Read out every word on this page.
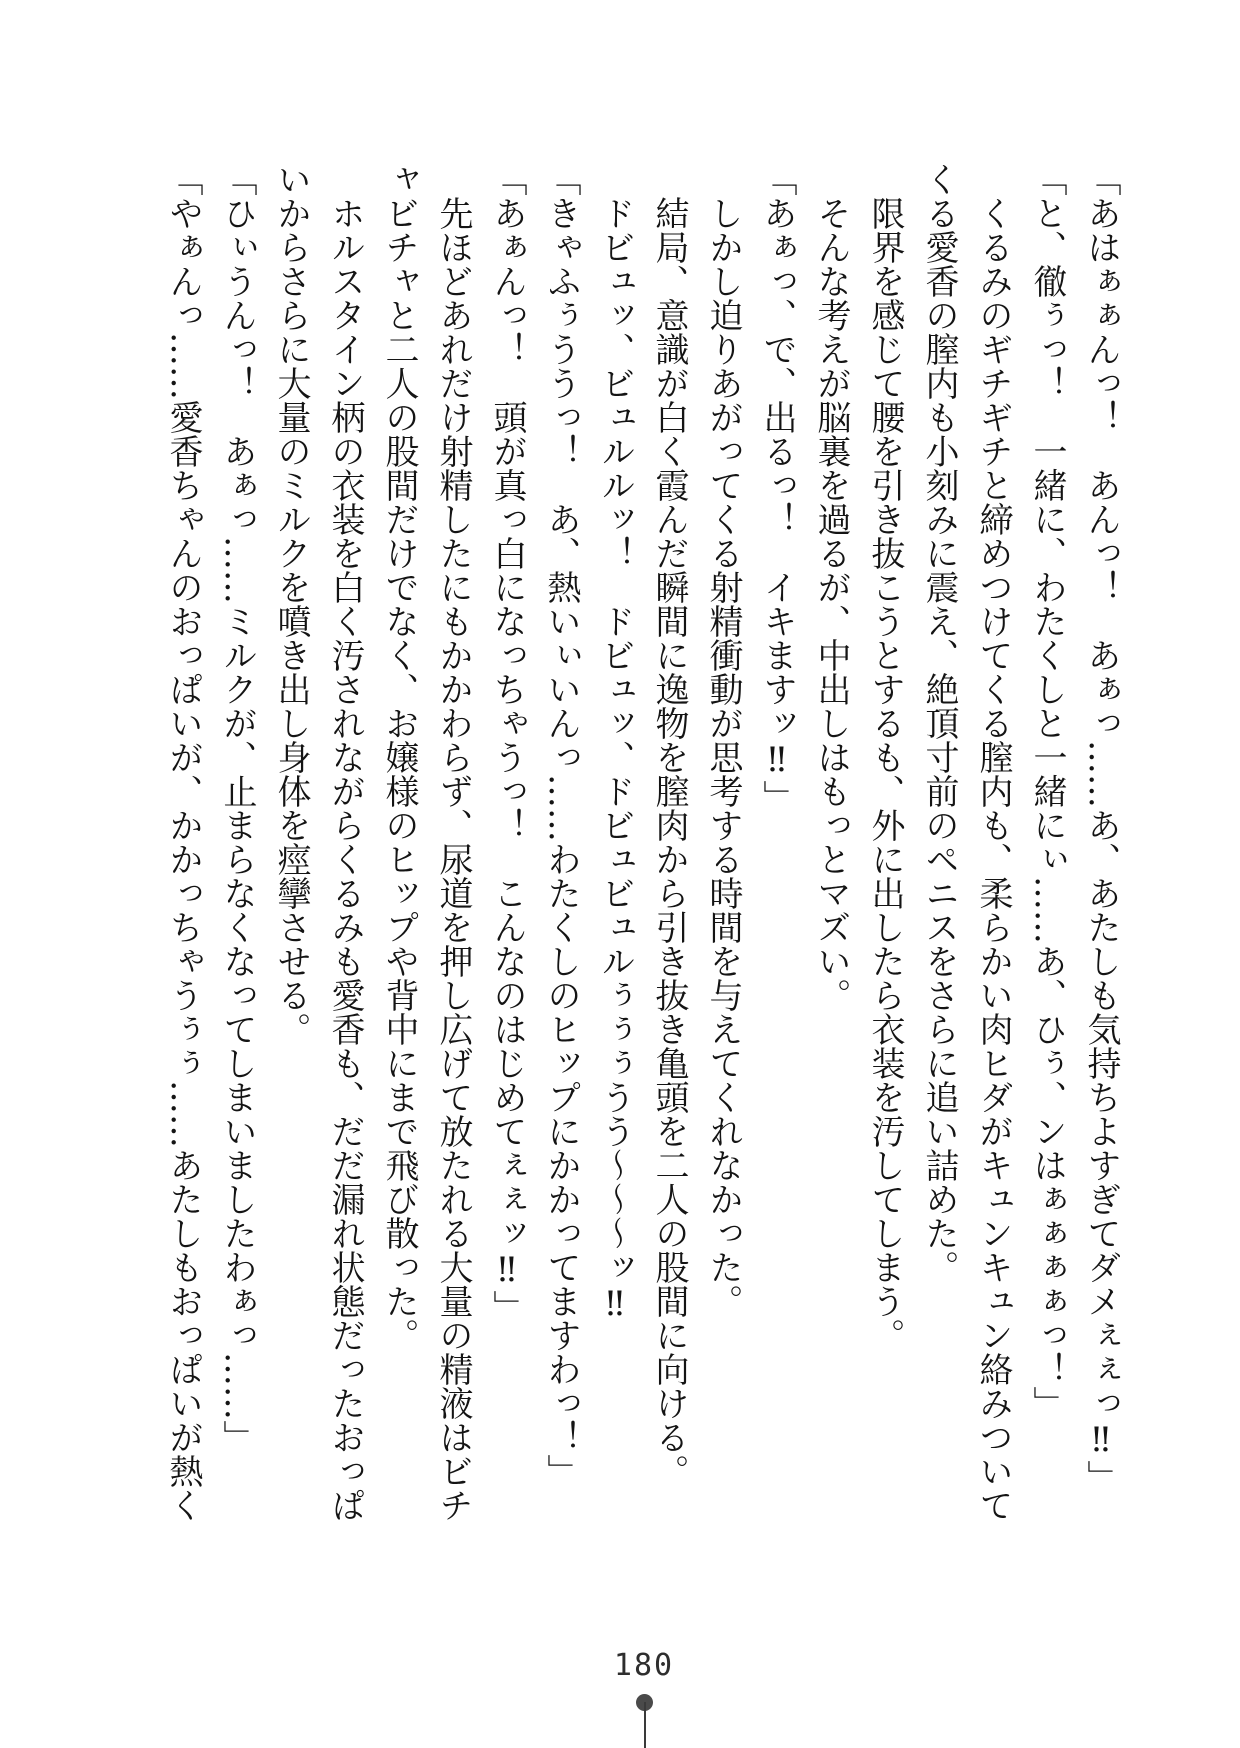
「あはぁぁんっ！　あんっ！　あぁっ……あ、あたしも気持ちよすぎてダメぇぇっ‼」
「と、徹ぅっ！　一緒に、わたくしと一緒にぃ……あ、ひぅ、ンはぁぁぁぁっ！」
くるみのギチギチと締めつけてくる膣内も、柔らかい肉ヒダがキュンキュン絡みついて
くる愛香の膣内も小刻みに震え、絶頂寸前のペニスをさらに追い詰めた。
限界を感じて腰を引き抜こうとするも、外に出したら衣装を汚してしまう。
そんな考えが脳裏を過るが、中出しはもっとマズい。
「あぁっ、で、出るっ！　イキますッ‼」
しかし迫りあがってくる射精衝動が思考する時間を与えてくれなかった。
結局、意識が白く霞んだ瞬間に逸物を膣肉から引き抜き亀頭を二人の股間に向ける。
ドビュッ、ビュルルッ！　ドビュッ、ドビュビュルぅぅぅうう〜〜〜ッ‼
「きゃふぅううっ！　あ、熱いぃいんっ……わたくしのヒップにかかってますわっ！」
「あぁんっ！　頭が真っ白になっちゃうっ！　こんなのはじめてぇぇッ‼」
先ほどあれだけ射精したにもかかわらず、尿道を押し広げて放たれる大量の精液はビチ
ャビチャと二人の股間だけでなく、お嬢様のヒップや背中にまで飛び散った。
ホルスタイン柄の衣装を白く汚されながらくるみも愛香も、だだ漏れ状態だったおっぱ
いからさらに大量のミルクを噴き出し身体を痙攣させる。
「ひぃうんっ！　あぁっ……ミルクが、止まらなくなってしまいましたわぁっ……」
「やぁんっ……愛香ちゃんのおっぱいが、かかっちゃうぅぅ……あたしもおっぱいが熱く
180
